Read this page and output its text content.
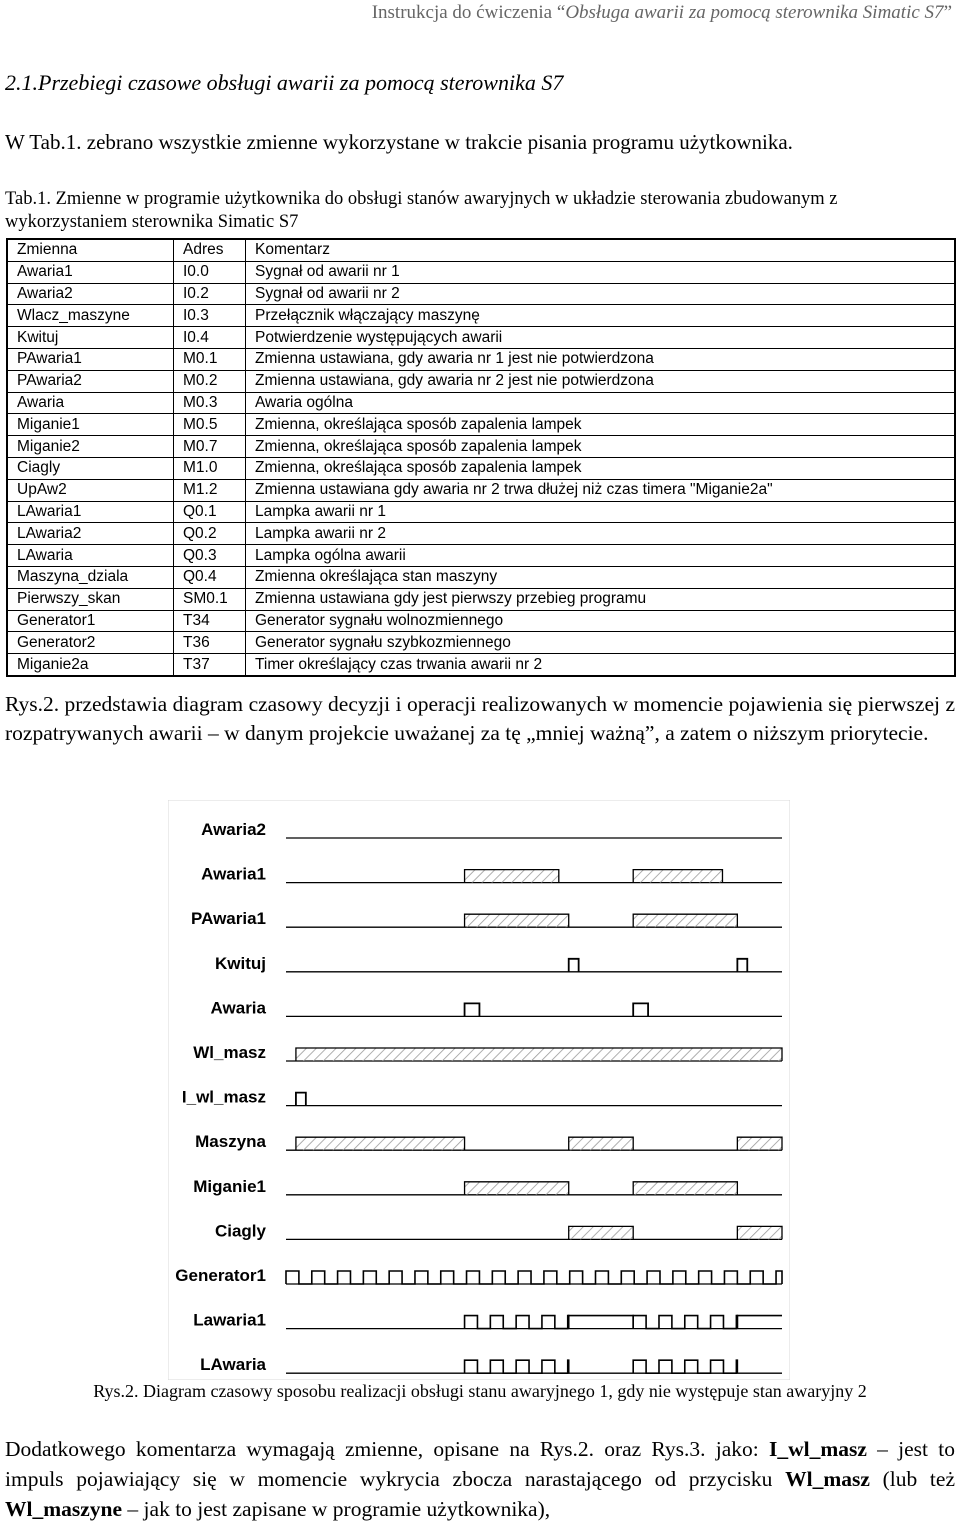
Instrukcja do ćwiczenia “Obsługa awarii za pomocą sterownika Simatic S7”
2.1.Przebiegi czasowe obsługi awarii za pomocą sterownika S7
W Tab.1. zebrano wszystkie zmienne wykorzystane w trakcie pisania programu użytkownika.
Tab.1. Zmienne w programie użytkownika do obsługi stanów awaryjnych w układzie sterowania zbudowanym z wykorzystaniem sterownika Simatic S7
Zmienna	Adres	Komentarz
Awaria1	I0.0	Sygnał od awarii nr 1
Awaria2	I0.2	Sygnał od awarii nr 2
Wlacz_maszyne	I0.3	Przełącznik włączający maszynę
Kwituj	I0.4	Potwierdzenie występujących awarii
PAwaria1	M0.1	Zmienna ustawiana, gdy awaria nr 1 jest nie potwierdzona
PAwaria2	M0.2	Zmienna ustawiana, gdy awaria nr 2 jest nie potwierdzona
Awaria	M0.3	Awaria ogólna
Miganie1	M0.5	Zmienna, określająca sposób zapalenia lampek
Miganie2	M0.7	Zmienna, określająca sposób zapalenia lampek
Ciagly	M1.0	Zmienna, określająca sposób zapalenia lampek
UpAw2	M1.2	Zmienna ustawiana gdy awaria nr 2 trwa dłużej niż czas timera "Miganie2a"
LAwaria1	Q0.1	Lampka awarii nr 1
LAwaria2	Q0.2	Lampka awarii nr 2
LAwaria	Q0.3	Lampka ogólna awarii
Maszyna_dziala	Q0.4	Zmienna określająca stan maszyny
Pierwszy_skan	SM0.1	Zmienna ustawiana gdy jest pierwszy przebieg programu
Generator1	T34	Generator sygnału wolnozmiennego
Generator2	T36	Generator sygnału szybkozmiennego
Miganie2a	T37	Timer określający czas trwania awarii nr 2
Rys.2. przedstawia diagram czasowy decyzji i operacji realizowanych w momencie pojawienia się pierwszej z rozpatrywanych awarii – w danym projekcie uważanej za tę „mniej ważną”, a zatem o niższym priorytecie.
Awaria2
Awaria1
PAwaria1
Kwituj
Awaria
Wl_masz
I_wl_masz
Maszyna
Miganie1
Ciagly
Generator1
Lawaria1
LAwaria
Rys.2. Diagram czasowy sposobu realizacji obsługi stanu awaryjnego 1, gdy nie występuje stan awaryjny 2
Dodatkowego komentarza wymagają zmienne, opisane na Rys.2. oraz Rys.3. jako: I_wl_masz – jest to impuls pojawiający się w momencie wykrycia zbocza narastającego od przycisku Wl_masz (lub też Wl_maszyne – jak to jest zapisane w programie użytkownika),
